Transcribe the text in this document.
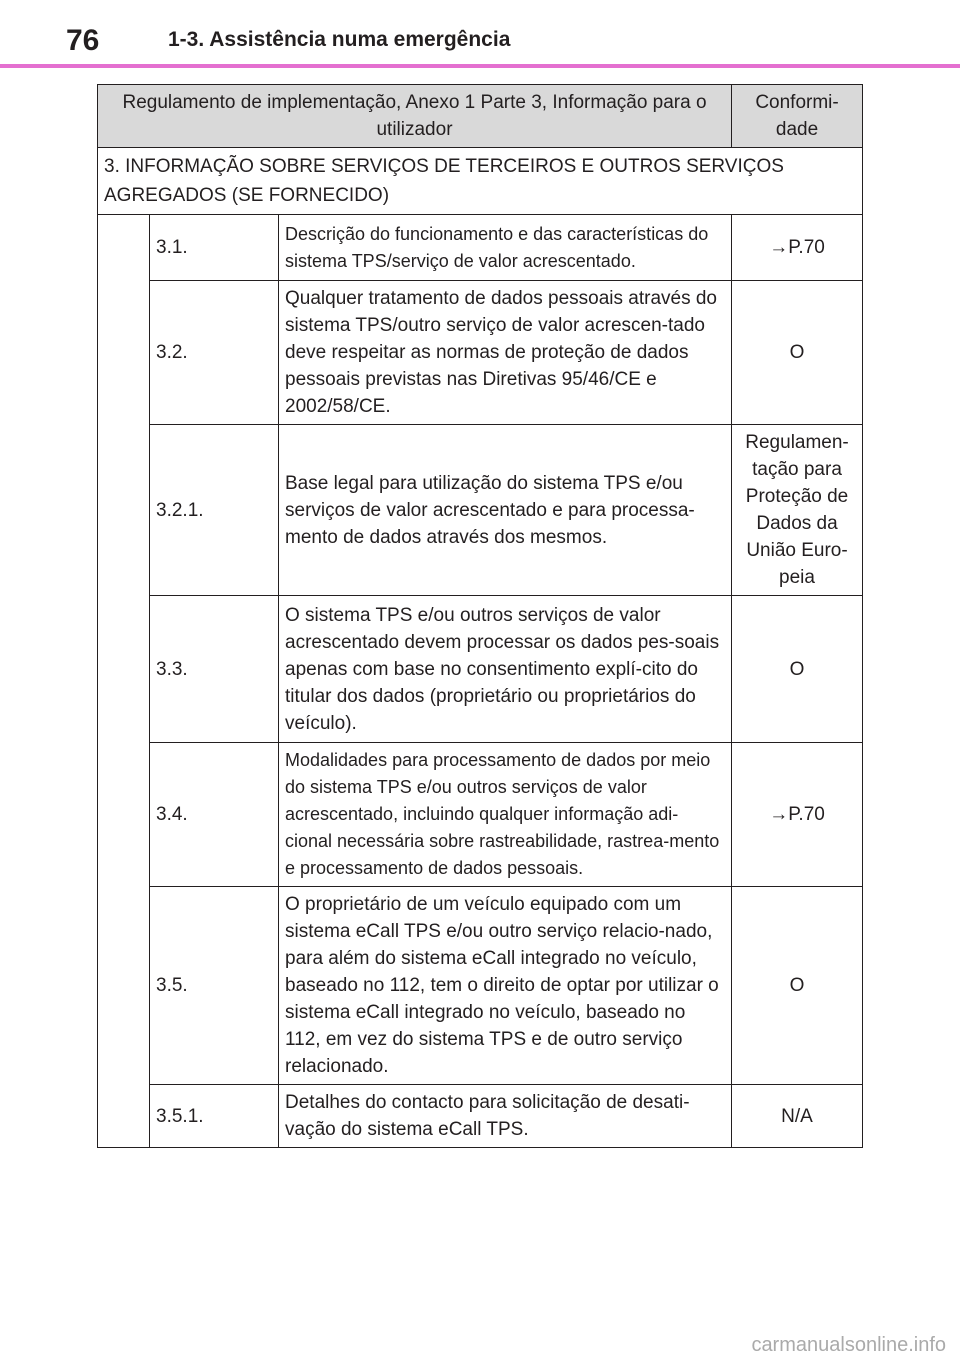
76	1-3. Assistência numa emergência
Regulamento de implementação, Anexo 1 Parte 3, Informação para o utilizador			Conformi-dade
3. INFORMAÇÃO SOBRE SERVIÇOS DE TERCEIROS E OUTROS SERVIÇOS AGREGADOS (SE FORNECIDO)			
	3.1.	Descrição do funcionamento e das características do sistema TPS/serviço de valor acrescentado.	→P.70
	3.2.	Qualquer tratamento de dados pessoais através do sistema TPS/outro serviço de valor acrescen-tado deve respeitar as normas de proteção de dados pessoais previstas nas Diretivas 95/46/CE e 2002/58/CE.	O
	3.2.1.	Base legal para utilização do sistema TPS e/ou serviços de valor acrescentado e para processa-mento de dados através dos mesmos.	Regulamen-tação para Proteção de Dados da União Euro-peia
	3.3.	O sistema TPS e/ou outros serviços de valor acrescentado devem processar os dados pes-soais apenas com base no consentimento explí-cito do titular dos dados (proprietário ou proprietários do veículo).	O
	3.4.	Modalidades para processamento de dados por meio do sistema TPS e/ou outros serviços de valor acrescentado, incluindo qualquer informação adi-cional necessária sobre rastreabilidade, rastrea-mento e processamento de dados pessoais.	→P.70
	3.5.	O proprietário de um veículo equipado com um sistema eCall TPS e/ou outro serviço relacio-nado, para além do sistema eCall integrado no veículo, baseado no 112, tem o direito de optar por utilizar o sistema eCall integrado no veículo, baseado no 112, em vez do sistema TPS e de outro serviço relacionado.	O
	3.5.1.	Detalhes do contacto para solicitação de desati-vação do sistema eCall TPS.	N/A
carmanualsonline.info
